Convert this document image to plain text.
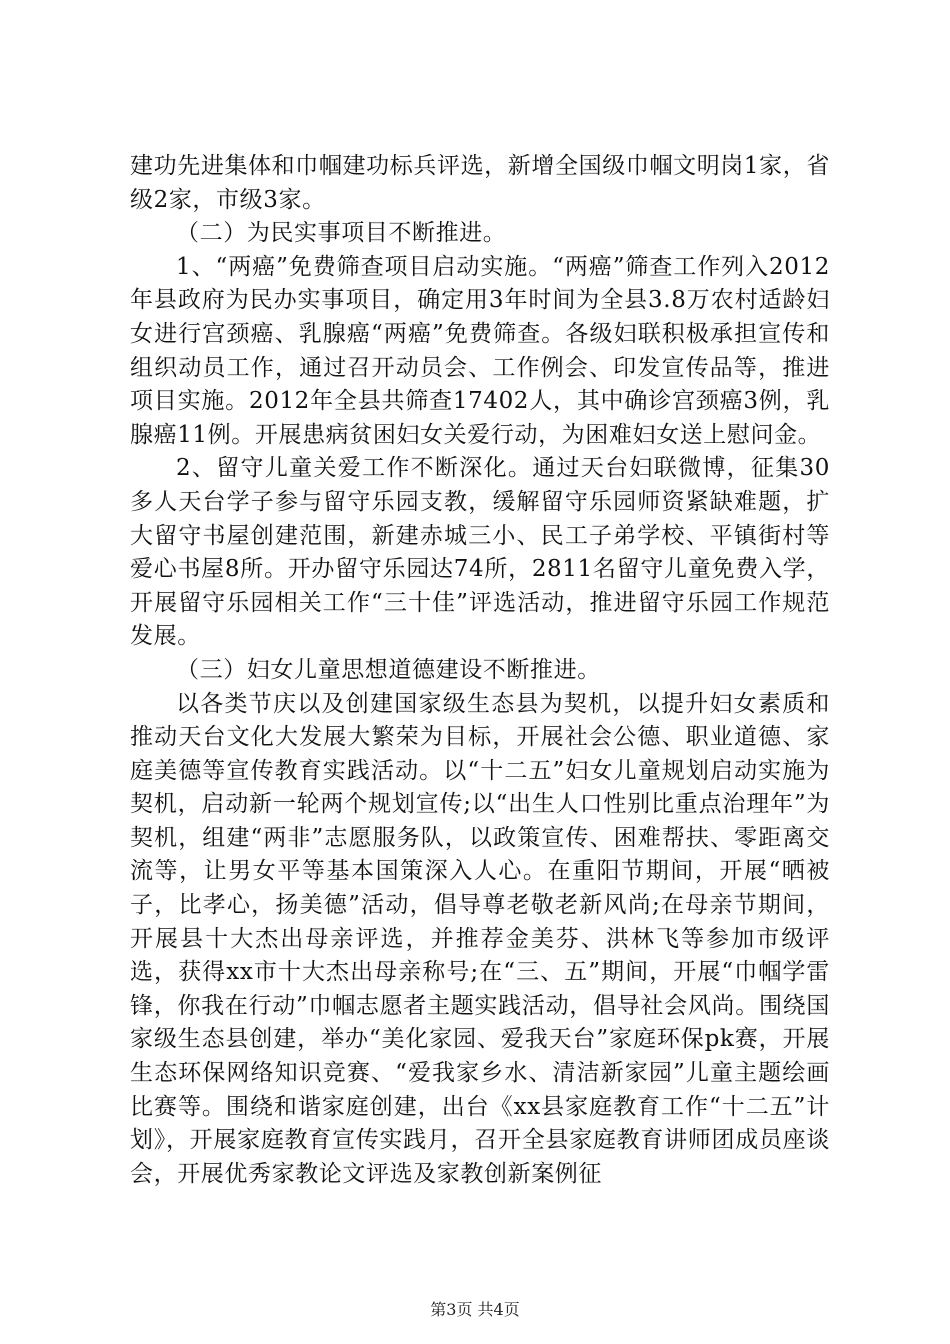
建功先进集体和巾帼建功标兵评选，新增全国级巾帼文明岗1家，省级2家，市级3家。

（二）为民实事项目不断推进。

1、“两癌”免费筛查项目启动实施。“两癌”筛查工作列入2012年县政府为民办实事项目，确定用3年时间为全县3.8万农村适龄妇女进行宫颈癌、乳腺癌“两癌”免费筛查。各级妇联积极承担宣传和组织动员工作，通过召开动员会、工作例会、印发宣传品等，推进项目实施。2012年全县共筛查17402人，其中确诊宫颈癌3例，乳腺癌11例。开展患病贫困妇女关爱行动，为困难妇女送上慰问金。

2、留守儿童关爱工作不断深化。通过天台妇联微博，征集30多人天台学子参与留守乐园支教，缓解留守乐园师资紧缺难题，扩大留守书屋创建范围，新建赤城三小、民工子弟学校、平镇街村等爱心书屋8所。开办留守乐园达74所，2811名留守儿童免费入学，开展留守乐园相关工作“三十佳”评选活动，推进留守乐园工作规范发展。

（三）妇女儿童思想道德建设不断推进。

以各类节庆以及创建国家级生态县为契机，以提升妇女素质和推动天台文化大发展大繁荣为目标，开展社会公德、职业道德、家庭美德等宣传教育实践活动。以“十二五”妇女儿童规划启动实施为契机，启动新一轮两个规划宣传;以“出生人口性别比重点治理年”为契机，组建“两非”志愿服务队，以政策宣传、困难帮扶、零距离交流等，让男女平等基本国策深入人心。在重阳节期间，开展“晒被子，比孝心，扬美德”活动，倡导尊老敬老新风尚;在母亲节期间，开展县十大杰出母亲评选，并推荐金美芬、洪林飞等参加市级评选，获得xx市十大杰出母亲称号;在“三、五”期间，开展“巾帼学雷锋，你我在行动”巾帼志愿者主题实践活动，倡导社会风尚。围绕国家级生态县创建，举办“美化家园、爱我天台”家庭环保pk赛，开展生态环保网络知识竞赛、“爱我家乡水、清洁新家园”儿童主题绘画比赛等。围绕和谐家庭创建，出台《xx县家庭教育工作“十二五”计划》，开展家庭教育宣传实践月，召开全县家庭教育讲师团成员座谈会，开展优秀家教论文评选及家教创新案例征

第3页 共4页
